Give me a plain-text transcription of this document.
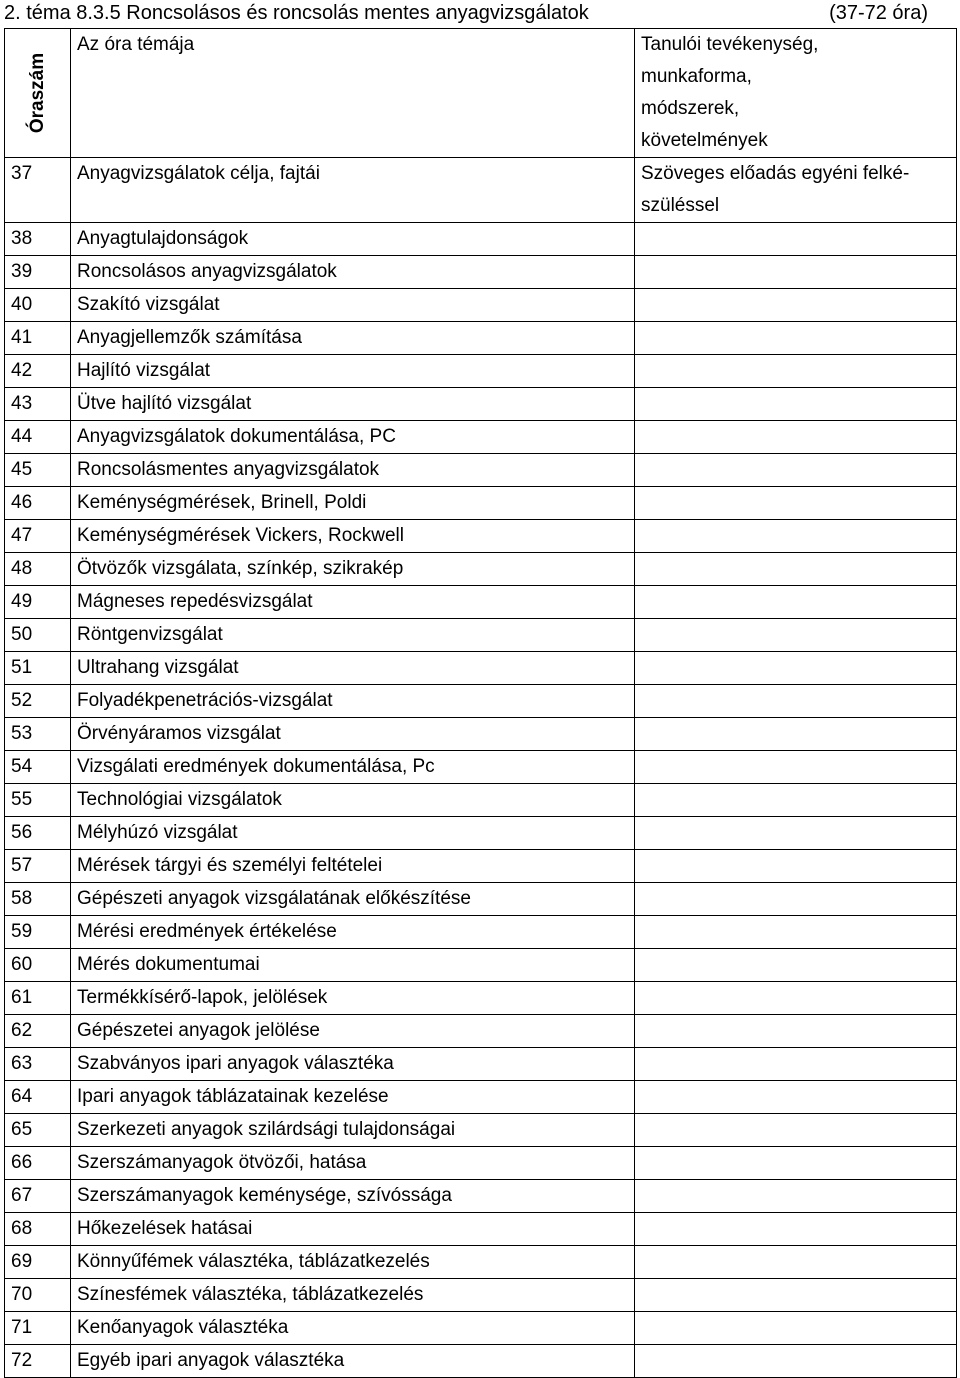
2. téma 8.3.5 Roncsolásos és roncsolás mentes anyagvizsgálatok	(37-72 óra)
Óraszám	Az óra témája	Tanulói tevékenység,
munkaforma,
módszerek,
követelmények

37	Anyagvizsgálatok célja, fajtái	Szöveges előadás egyéni felké-
szüléssel

38	Anyagtulajdonságok	
39	Roncsolásos anyagvizsgálatok	
40	Szakító vizsgálat	
41	Anyagjellemzők számítása	
42	Hajlító vizsgálat	
43	Ütve hajlító vizsgálat	
44	Anyagvizsgálatok dokumentálása, PC	
45	Roncsolásmentes anyagvizsgálatok	
46	Keménységmérések, Brinell, Poldi	
47	Keménységmérések Vickers, Rockwell	
48	Ötvözők vizsgálata, színkép, szikrakép	
49	Mágneses repedésvizsgálat	
50	Röntgenvizsgálat	
51	Ultrahang vizsgálat	
52	Folyadékpenetrációs-vizsgálat	
53	Örvényáramos vizsgálat	
54	Vizsgálati eredmények dokumentálása, Pc	
55	Technológiai vizsgálatok	
56	Mélyhúzó vizsgálat	
57	Mérések tárgyi és személyi feltételei	
58	Gépészeti anyagok vizsgálatának előkészítése	
59	Mérési eredmények értékelése	
60	Mérés dokumentumai	
61	Termékkísérő-lapok, jelölések	
62	Gépészetei anyagok jelölése	
63	Szabványos ipari anyagok választéka	
64	Ipari anyagok táblázatainak kezelése	
65	Szerkezeti anyagok szilárdsági tulajdonságai	
66	Szerszámanyagok ötvözői, hatása	
67	Szerszámanyagok keménysége, szívóssága	
68	Hőkezelések hatásai	
69	Könnyűfémek választéka, táblázatkezelés	
70	Színesfémek választéka, táblázatkezelés	
71	Kenőanyagok választéka	
72	Egyéb ipari anyagok választéka	
